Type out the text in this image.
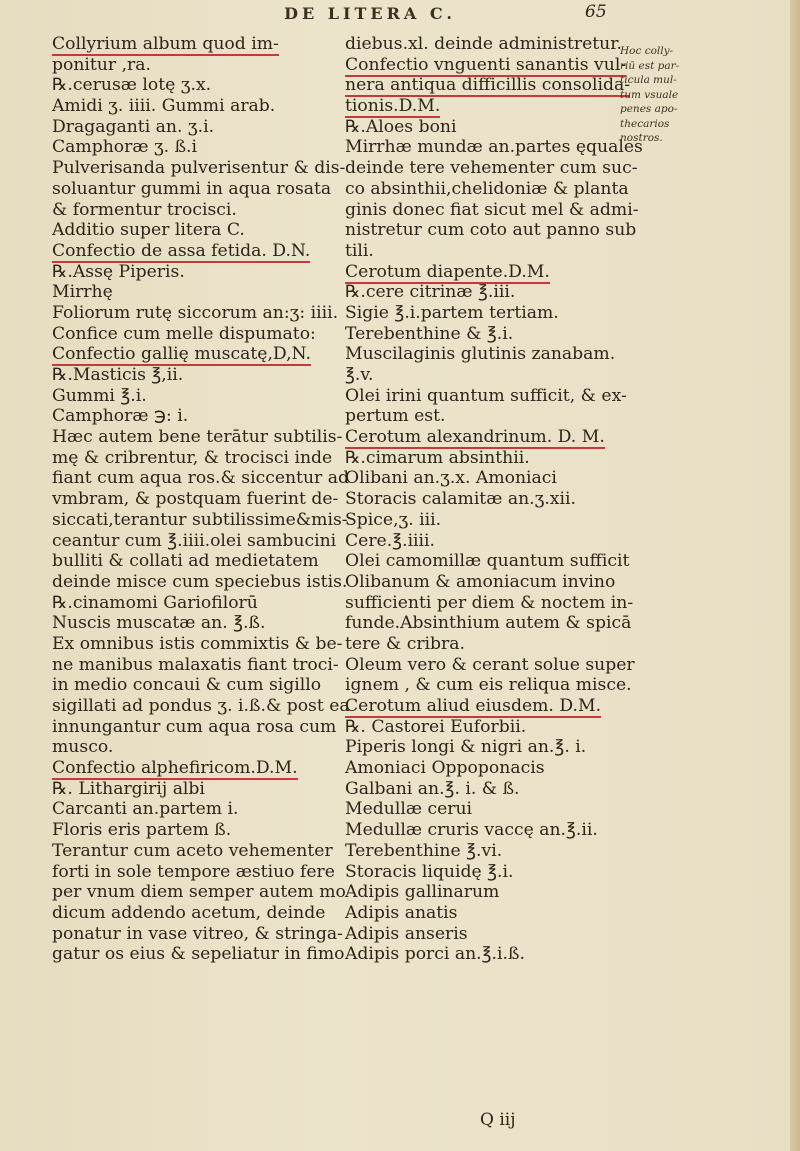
DE LITERA C.	65
Collyrium album quod im-
ponitur ,ra.
℞.cerusæ lotę ʒ.x.
Amidi ʒ. iiii. Gummi arab.
Dragaganti an. ʒ.i.
Camphoræ ʒ. ß.i
Pulverisanda pulverisentur & dis-
soluantur gummi in aqua rosata
& formentur trocisci.
Additio super litera C.
Confectio de assa fetida. D.N.
℞.Assę Piperis.
Mirrhę
Foliorum rutę siccorum an:ʒ: iiii.
Confice cum melle dispumato:
Confectio gallię muscatę,D,N.
℞.Masticis ℥,ii.
Gummi ℥.i.
Camphoræ ℈: i.
Hæc autem bene terātur subtilis-
mę & cribrentur, & trocisci inde
fiant cum aqua ros.& siccentur ad
vmbram, & postquam fuerint de-
siccati,terantur subtilissime&mis-
ceantur cum ℥.iiii.olei sambucini
bulliti & collati ad medietatem
deinde misce cum speciebus istis.
℞.cinamomi Gariofilorū
Nuscis muscatæ an. ℥.ß.
Ex omnibus istis commixtis & be-
ne manibus malaxatis fiant troci-
in medio concaui & cum sigillo
sigillati ad pondus ʒ. i.ß.& post ea
innungantur cum aqua rosa cum
musco.
Confectio alphefiricom.D.M.
℞. Lithargirij albi
Carcanti an.partem i.
Floris eris partem ß.
Terantur cum aceto vehementer
forti in sole tempore æstiuo fere
per vnum diem semper autem mo
dicum addendo acetum, deinde
ponatur in vase vitreo, & stringa-
gatur os eius & sepeliatur in fimo
diebus.xl. deinde administretur.
Confectio vnguenti sanantis vul-
nera antiqua difficillis consolida-
tionis.D.M.
℞.Aloes boni
Mirrhæ mundæ an.partes ęquales
deinde tere vehementer cum suc-
co absinthii,chelidoniæ & planta
ginis donec fiat sicut mel & admi-
nistretur cum coto aut panno sub
tili.
Cerotum diapente.D.M.
℞.cere citrinæ ℥.iii.
Sigie ℥.i.partem tertiam.
Terebenthine & ℥.i.
Muscilaginis glutinis zanabam.
℥.v.
Olei irini quantum sufficit, & ex-
pertum est.
Cerotum alexandrinum. D. M.
℞.cimarum absinthii.
Olibani an.ʒ.x. Amoniaci
Storacis calamitæ an.ʒ.xii.
Spice,ʒ. iii.
Cere.℥.iiii.
Olei camomillæ quantum sufficit
Olibanum & amoniacum invino
sufficienti per diem & noctem in-
funde.Absinthium autem & spicā
tere & cribra.
Oleum vero & cerant solue super
ignem , & cum eis reliqua misce.
Cerotum aliud eiusdem. D.M.
℞. Castorei Euforbii.
Piperis longi & nigri an.℥. i.
Amoniaci Oppoponacis
Galbani an.℥. i. & ß.
Medullæ cerui
Medullæ cruris vaccę an.℥.ii.
Terebenthine ℥.vi.
Storacis liquidę ℥.i.
Adipis gallinarum
Adipis anatis
Adipis anseris
Adipis porci an.℥.i.ß.
Hoc colly-
riū est par-
ticula mul-
tum vsuale
penes apo-
thecarios
nostros.
Q iij
